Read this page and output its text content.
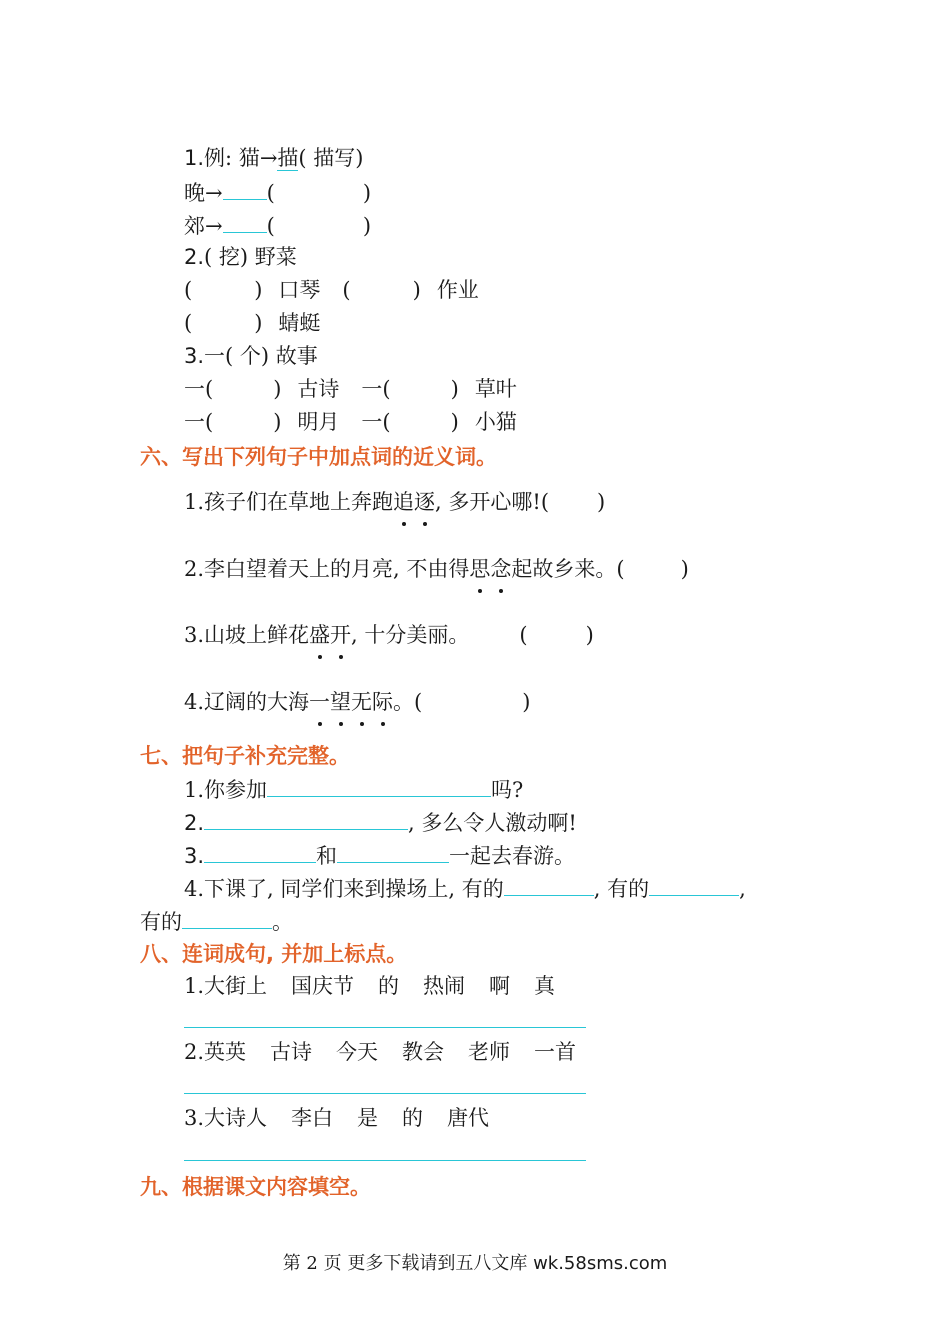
1.例: 猫→描( 描写)
晚→ (	)
郊→ (	)
2.( 挖) 野菜
(	) 口琴 (	) 作业
(	) 蜻蜓
3.一( 个) 故事
一(	) 古诗 一(	) 草叶
一(	) 明月 一(	) 小猫
六、写出下列句子中加点词的近义词。
1.孩子们在草地上奔跑追逐, 多开心哪!( )
2.李白望着天上的月亮, 不由得思念起故乡来。(	)
3.山坡上鲜花盛开, 十分美丽。 (	)
4.辽阔的大海一望无际。(	)
七、把句子补充完整。
1.你参加	吗?
2.	, 多么令人激动啊!
3.	和	一起去春游。
4.下课了, 同学们来到操场上, 有的	, 有的	,
有的	。
八、连词成句, 并加上标点。
1.大街上 国庆节 的 热闹 啊 真
2.英英 古诗 今天 教会 老师 一首
3.大诗人 李白 是 的 唐代
九、根据课文内容填空。
第 2 页 更多下载请到五八文库 wk.58sms.com
